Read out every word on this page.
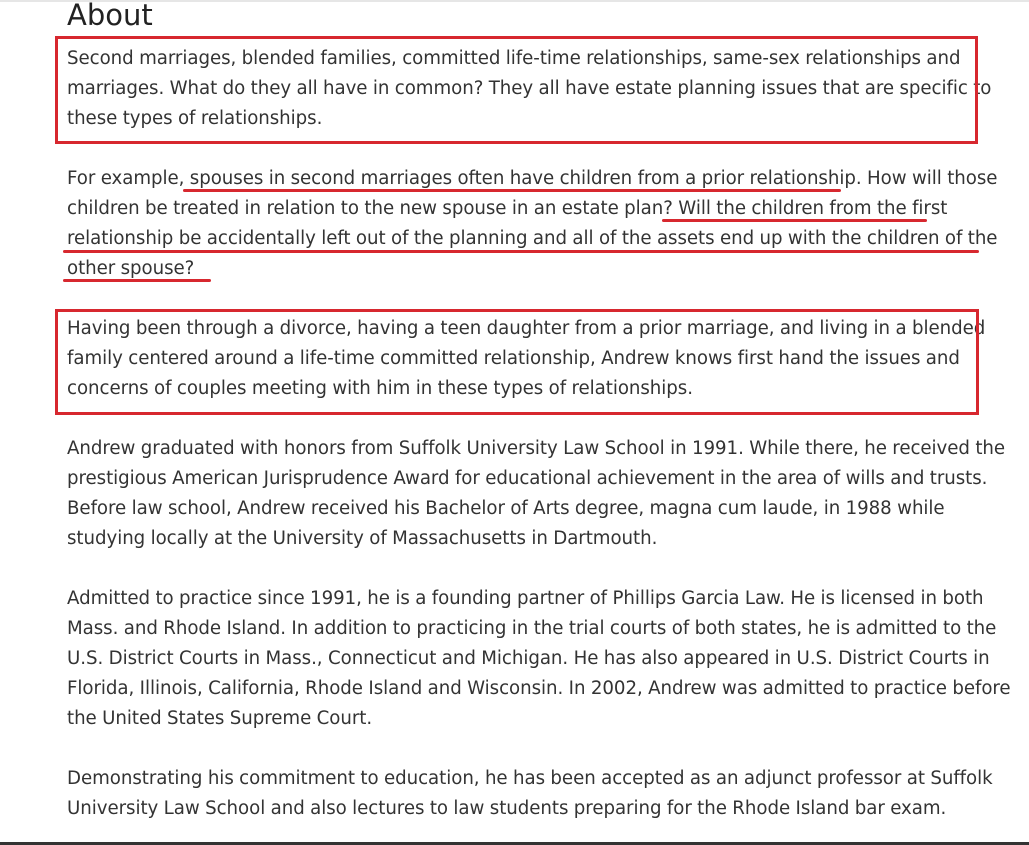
About

Second marriages, blended families, committed life-time relationships, same-sex relationships and
marriages. What do they all have in common? They all have estate planning issues that are specific to
these types of relationships.

For example, spouses in second marriages often have children from a prior relationship. How will those
children be treated in relation to the new spouse in an estate plan? Will the children from the first
relationship be accidentally left out of the planning and all of the assets end up with the children of the
other spouse?

Having been through a divorce, having a teen daughter from a prior marriage, and living in a blended
family centered around a life-time committed relationship, Andrew knows first hand the issues and
concerns of couples meeting with him in these types of relationships.

Andrew graduated with honors from Suffolk University Law School in 1991. While there, he received the
prestigious American Jurisprudence Award for educational achievement in the area of wills and trusts.
Before law school, Andrew received his Bachelor of Arts degree, magna cum laude, in 1988 while
studying locally at the University of Massachusetts in Dartmouth.

Admitted to practice since 1991, he is a founding partner of Phillips Garcia Law. He is licensed in both
Mass. and Rhode Island. In addition to practicing in the trial courts of both states, he is admitted to the
U.S. District Courts in Mass., Connecticut and Michigan. He has also appeared in U.S. District Courts in
Florida, Illinois, California, Rhode Island and Wisconsin. In 2002, Andrew was admitted to practice before
the United States Supreme Court.

Demonstrating his commitment to education, he has been accepted as an adjunct professor at Suffolk
University Law School and also lectures to law students preparing for the Rhode Island bar exam.
